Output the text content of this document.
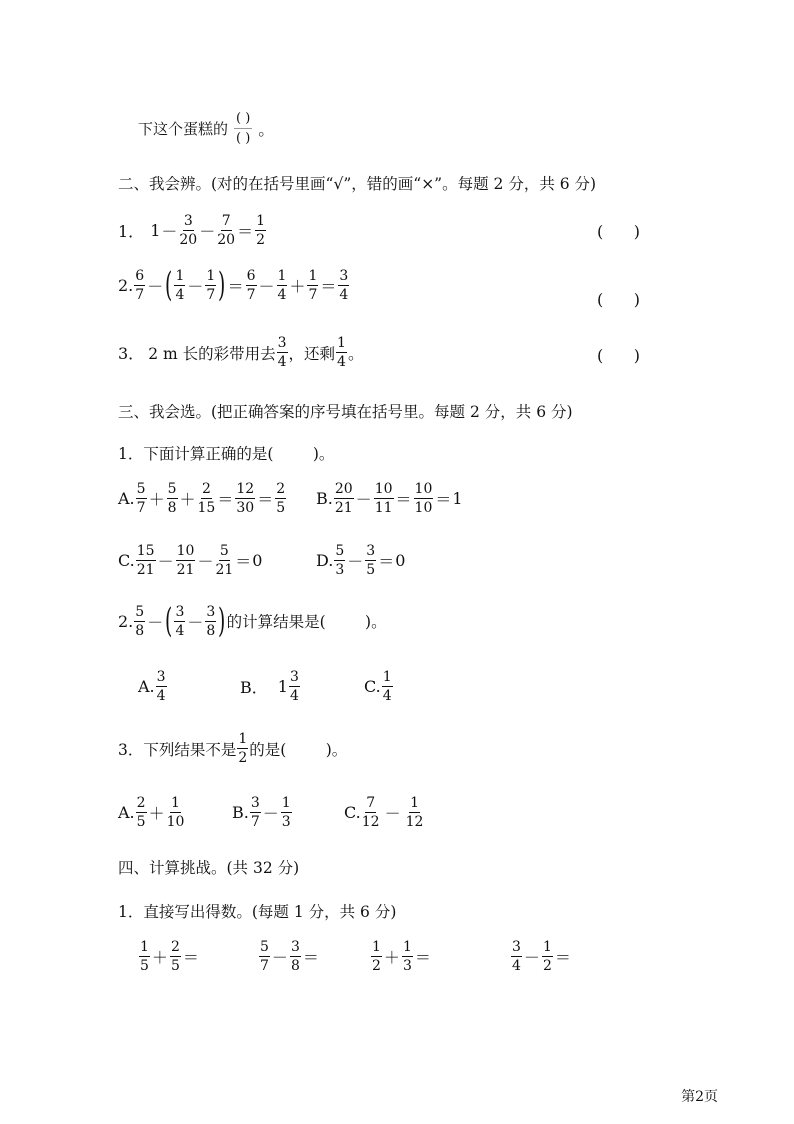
下这个蛋糕的 $\frac{( )}{( )}$ 。
二、我会辨。(对的在括号里画“√”，错的画“×”。每题 2 分，共 6 分)
1． $1 - \frac{3}{20} - \frac{7}{20} = \frac{1}{2}$	(      )
2. $\frac{6}{7}$ － ( $\frac{1}{4} - \frac{1}{7}$ ) ＝ $\frac{6}{7} - \frac{1}{4} + \frac{1}{7} = \frac{3}{4}$	(      )
3． 2 m 长的彩带用去 $\frac{3}{4}$ ，还剩 $\frac{1}{4}$ 。	(      )
三、我会选。(把正确答案的序号填在括号里。每题 2 分，共 6 分)
1．下面计算正确的是(        )。
A. $\frac{5}{7} + \frac{5}{8} + \frac{2}{15} = \frac{12}{30} = \frac{2}{5} B$. $\frac{20}{21} - \frac{10}{11} = \frac{10}{10} = 1$
C. $\frac{15}{21} - \frac{10}{21} - \frac{5}{21} = 0$	D. $\frac{5}{3} - \frac{3}{5} = 0$
2. $\frac{5}{8}$ － ( $\frac{3}{4} - \frac{3}{8}$ ) 的计算结果是(        )。
A. $\frac{3}{4}$	B． $1 \frac{3}{4}$	C. $\frac{1}{4}$
3．下列结果不是 $\frac{1}{2}$ 的是(        )。
A. $\frac{2}{5} + \frac{1}{10}$	B. $\frac{3}{7} - \frac{1}{3}$	C. $\frac{7}{12} - \frac{1}{12}$
四、计算挑战。(共 32 分)
1．直接写出得数。(每题 1 分，共 6 分)
$\frac{1}{5} + \frac{2}{5}$ ＝	$\frac{5}{7} - \frac{3}{8}$ ＝	$\frac{1}{2} + \frac{1}{3}$ ＝	$\frac{3}{4} - \frac{1}{2}$ ＝
第2页
